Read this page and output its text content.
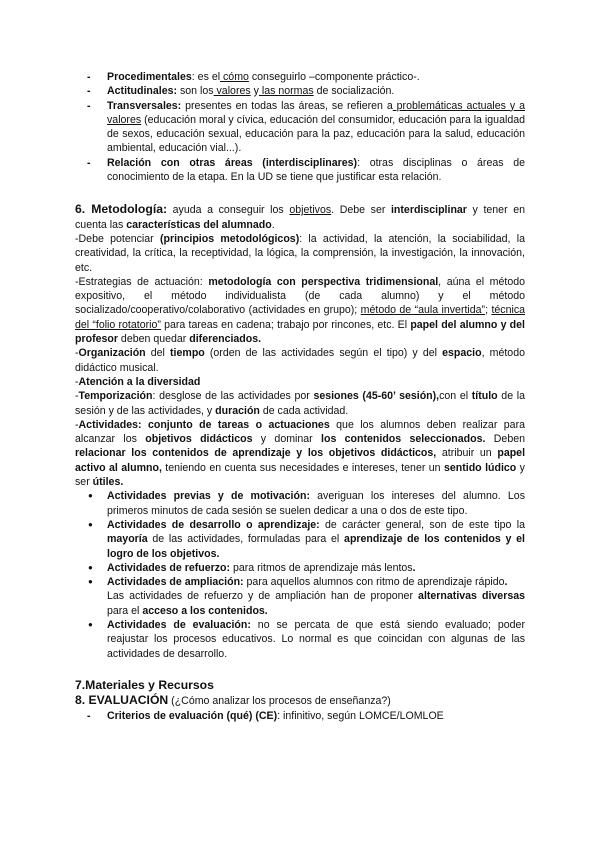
- Procedimentales: es el cómo conseguirlo –componente práctico-.
- Actitudinales: son los valores y las normas de socialización.
- Transversales: presentes en todas las áreas, se refieren a problemáticas actuales y a valores (educación moral y cívica, educación del consumidor, educación para la igualdad de sexos, educación sexual, educación para la paz, educación para la salud, educación ambiental, educación vial...).
- Relación con otras áreas (interdisciplinares): otras disciplinas o áreas de conocimiento de la etapa. En la UD se tiene que justificar esta relación.

6. Metodología: ayuda a conseguir los objetivos. Debe ser interdisciplinar y tener en cuenta las características del alumnado.

-Debe potenciar (principios metodológicos): la actividad, la atención, la sociabilidad, la creatividad, la crítica, la receptividad, la lógica, la comprensión, la investigación, la innovación, etc.

-Estrategias de actuación: metodología con perspectiva tridimensional, aúna el método expositivo, el método individualista (de cada alumno) y el método socializado/cooperativo/colaborativo (actividades en grupo); método de “aula invertida”; técnica del “folio rotatorio” para tareas en cadena; trabajo por rincones, etc. El papel del alumno y del profesor deben quedar diferenciados.

-Organización del tiempo (orden de las actividades según el tipo) y del espacio, método didáctico musical.

-Atención a la diversidad

-Temporización: desglose de las actividades por sesiones (45-60’ sesión),con el título de la sesión y de las actividades, y duración de cada actividad.

-Actividades: conjunto de tareas o actuaciones que los alumnos deben realizar para alcanzar los objetivos didácticos y dominar los contenidos seleccionados. Deben relacionar los contenidos de aprendizaje y los objetivos didácticos, atribuir un papel activo al alumno, teniendo en cuenta sus necesidades e intereses, tener un sentido lúdico y ser útiles.

● Actividades previas y de motivación: averiguan los intereses del alumno. Los primeros minutos de cada sesión se suelen dedicar a una o dos de este tipo.
● Actividades de desarrollo o aprendizaje: de carácter general, son de este tipo la mayoría de las actividades, formuladas para el aprendizaje de los contenidos y el logro de los objetivos.
● Actividades de refuerzo: para ritmos de aprendizaje más lentos.
● Actividades de ampliación: para aquellos alumnos con ritmo de aprendizaje rápido.
Las actividades de refuerzo y de ampliación han de proponer alternativas diversas para el acceso a los contenidos.
● Actividades de evaluación: no se percata de que está siendo evaluado; poder reajustar los procesos educativos. Lo normal es que coincidan con algunas de las actividades de desarrollo.

7.Materiales y Recursos

8. EVALUACIÓN (¿Cómo analizar los procesos de enseñanza?)

- Criterios de evaluación (qué) (CE): infinitivo, según LOMCE/LOMLOE
